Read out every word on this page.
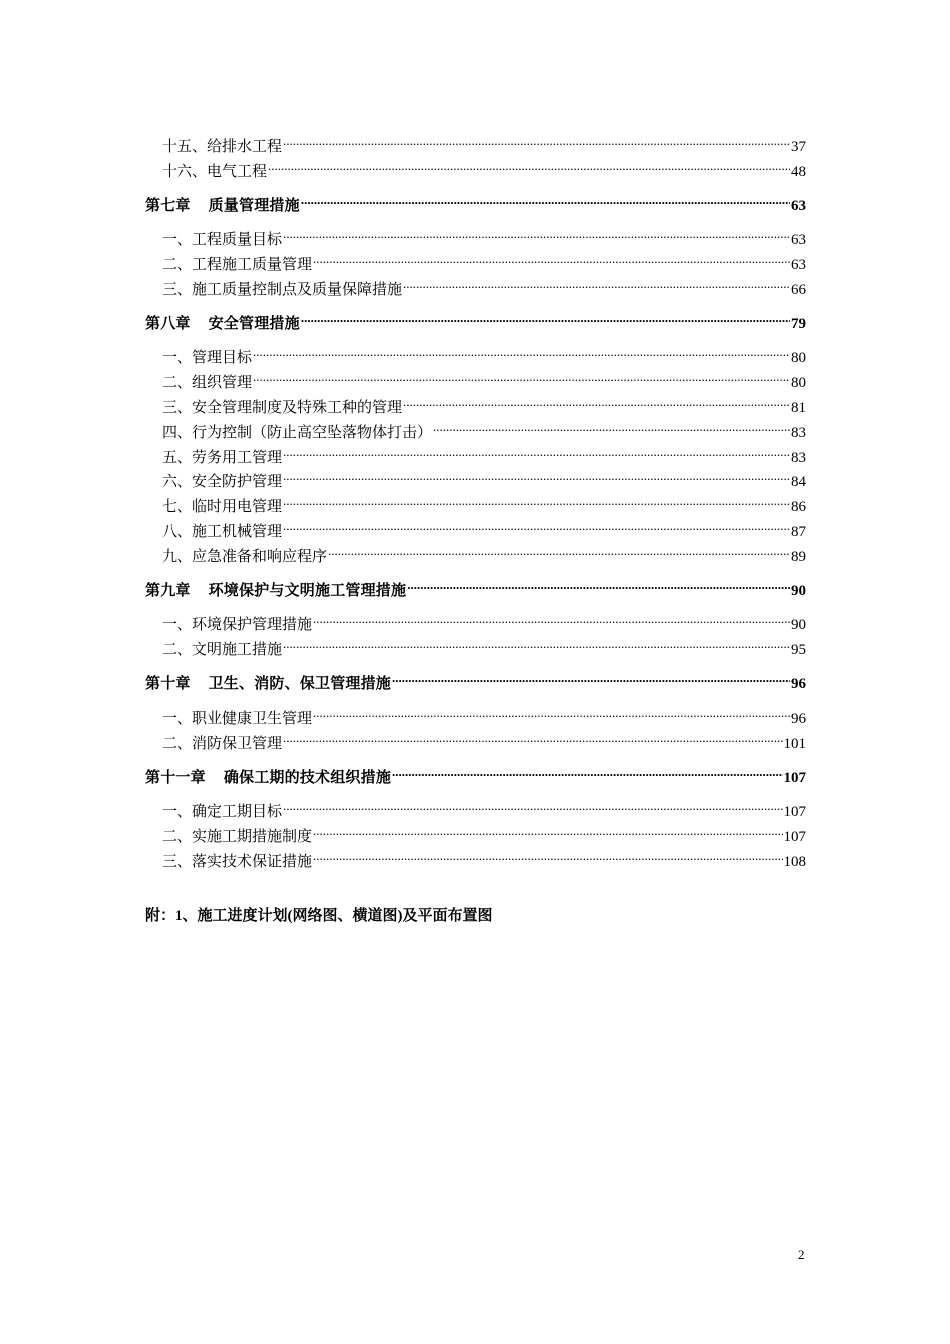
十五、给排水工程 .....	37
十六、电气工程 .....	48
第七章 质量管理措施 .....	63
一、工程质量目标 .....	63
二、工程施工质量管理 .....	63
三、施工质量控制点及质量保障措施 .....	66
第八章 安全管理措施 .....	79
一、管理目标 .....	80
二、组织管理 .....	80
三、安全管理制度及特殊工种的管理 .....	81
四、行为控制（防止高空坠落物体打击） .....	83
五、劳务用工管理 .....	83
六、安全防护管理 .....	84
七、临时用电管理 .....	86
八、施工机械管理 .....	87
九、应急准备和响应程序 .....	89
第九章 环境保护与文明施工管理措施 .....	90
一、环境保护管理措施 .....	90
二、文明施工措施 .....	95
第十章 卫生、消防、保卫管理措施 .....	96
一、职业健康卫生管理 .....	96
二、消防保卫管理 .....	101
第十一章 确保工期的技术组织措施 .....	107
一、确定工期目标 .....	107
二、实施工期措施制度 .....	107
三、落实技术保证措施 .....	108
附：1、施工进度计划(网络图、横道图)及平面布置图
2
